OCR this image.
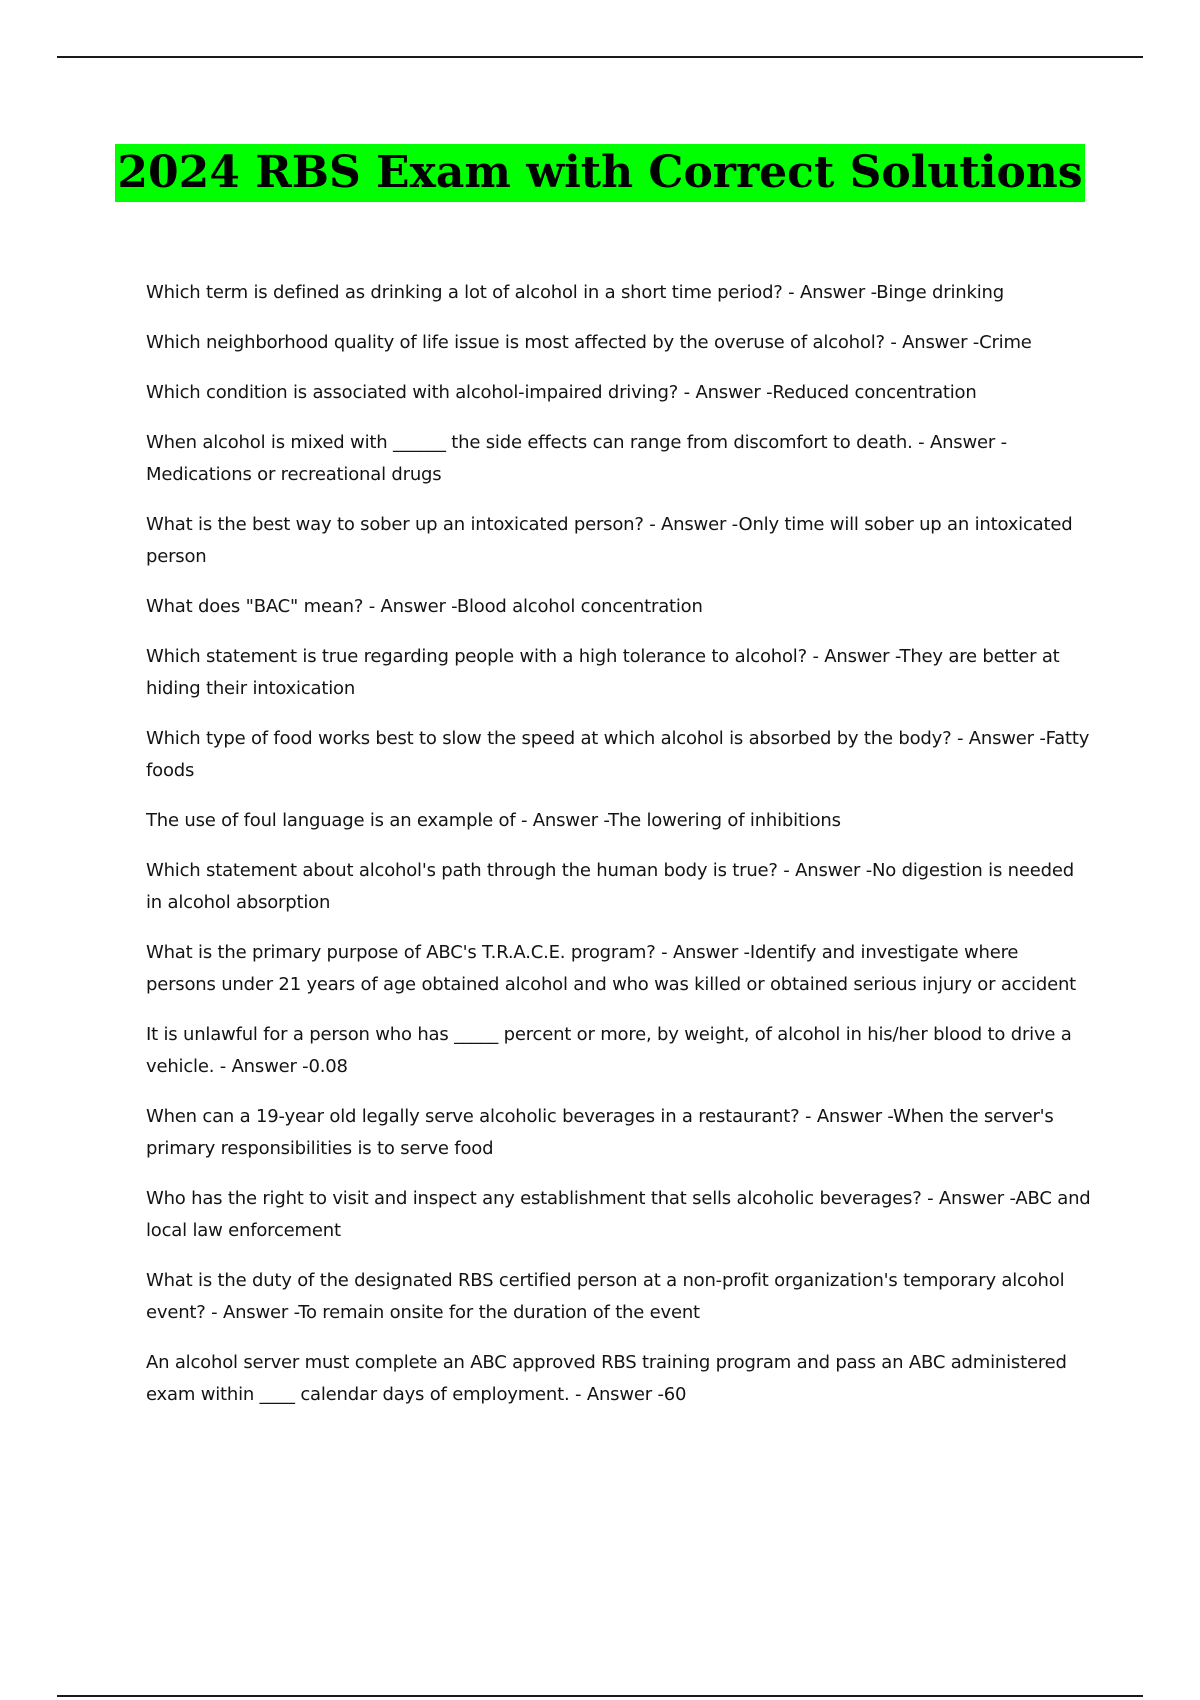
2024 RBS Exam with Correct Solutions
Which term is defined as drinking a lot of alcohol in a short time period? - Answer -Binge drinking
Which neighborhood quality of life issue is most affected by the overuse of alcohol? - Answer -Crime
Which condition is associated with alcohol-impaired driving? - Answer -Reduced concentration
When alcohol is mixed with ______ the side effects can range from discomfort to death. - Answer -Medications or recreational drugs
What is the best way to sober up an intoxicated person? - Answer -Only time will sober up an intoxicated person
What does "BAC" mean? - Answer -Blood alcohol concentration
Which statement is true regarding people with a high tolerance to alcohol? - Answer -They are better at hiding their intoxication
Which type of food works best to slow the speed at which alcohol is absorbed by the body? - Answer -Fatty foods
The use of foul language is an example of - Answer -The lowering of inhibitions
Which statement about alcohol's path through the human body is true? - Answer -No digestion is needed in alcohol absorption
What is the primary purpose of ABC's T.R.A.C.E. program? - Answer -Identify and investigate where persons under 21 years of age obtained alcohol and who was killed or obtained serious injury or accident
It is unlawful for a person who has _____ percent or more, by weight, of alcohol in his/her blood to drive a vehicle. - Answer -0.08
When can a 19-year old legally serve alcoholic beverages in a restaurant? - Answer -When the server's primary responsibilities is to serve food
Who has the right to visit and inspect any establishment that sells alcoholic beverages? - Answer -ABC and local law enforcement
What is the duty of the designated RBS certified person at a non-profit organization's temporary alcohol event? - Answer -To remain onsite for the duration of the event
An alcohol server must complete an ABC approved RBS training program and pass an ABC administered exam within ____ calendar days of employment. - Answer -60
